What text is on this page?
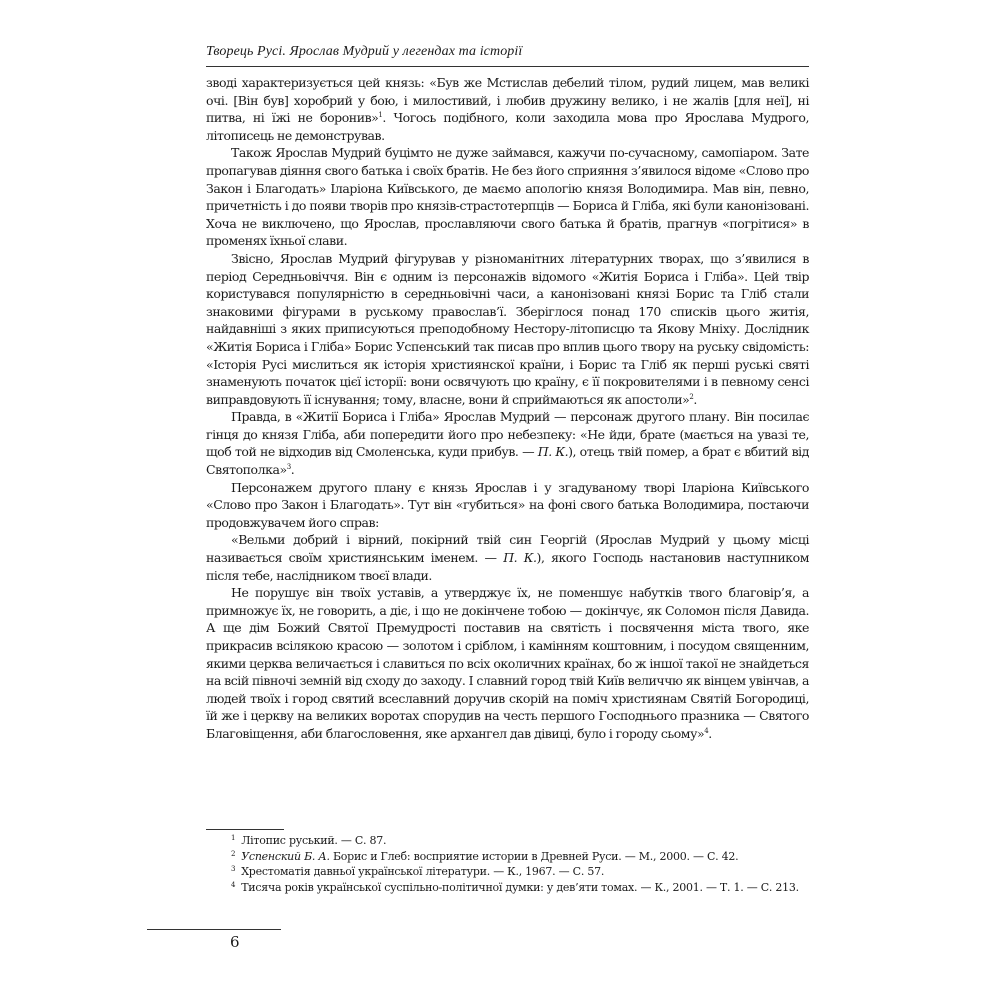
Творець Русі. Ярослав Мудрий у легендах та історії

зводі характеризується цей князь: «Був же Мстислав дебелий тілом, рудий лицем, мав великі очі. [Він був] хоробрий у бою, і милостивий, і любив дружину велико, і не жалів [для неї], ні питва, ні їжі не боронив»$^1$. Чогось подібного, коли заходила мова про Ярослава Мудрого, літописець не демонстрував.

Також Ярослав Мудрий буцімто не дуже займався, кажучи по-сучасному, самопіаром. Зате пропагував діяння свого батька і своїх братів. Не без його сприяння з’явилося відоме «Слово про Закон і Благодать» Іларіона Київського, де маємо апологію князя Володимира. Мав він, певно, причетність і до появи творів про князів-страстотерпців — Бориса й Гліба, які були канонізовані. Хоча не виключено, що Ярослав, прославляючи свого батька й братів, прагнув «погрітися» в променях їхньої слави.

Звісно, Ярослав Мудрий фігурував у різноманітних літературних творах, що з’явилися в період Середньовіччя. Він є одним із персонажів відомого «Житія Бориса і Гліба». Цей твір користувався популярністю в середньовічні часи, а канонізовані князі Борис та Гліб стали знаковими фігурами в руському православ’ї. Зберіглося понад 170 списків цього житія, найдавніші з яких приписуються преподобному Нестору-літописцю та Якову Мніху. Дослідник «Житія Бориса і Гліба» Борис Успенський так писав про вплив цього твору на руську свідомість: «Історія Русі мислиться як історія християнскої країни, і Борис та Гліб як перші руські святі знаменують початок цієї історії: вони освячують цю країну, є її покровителями і в певному сенсі виправдовують її існування; тому, власне, вони й сприймаються як апостоли»$^2$.

Правда, в «Житії Бориса і Гліба» Ярослав Мудрий — персонаж другого плану. Він посилає гінця до князя Гліба, аби попередити його про небезпеку: «Не йди, брате (мається на увазі те, щоб той не відходив від Смоленська, куди прибув. — П. К.), отець твій помер, а брат є вбитий від Святополка»$^3$.

Персонажем другого плану є князь Ярослав і у згадуваному творі Іларіона Київського «Слово про Закон і Благодать». Тут він «губиться» на фоні свого батька Володимира, постаючи продовжувачем його справ:

«Вельми добрий і вірний, покірний твій син Георгій (Ярослав Мудрий у цьому місці називається своїм християнським іменем. — П. К.), якого Господь настановив наступником після тебе, наслідником твоєї влади.

Не порушує він твоїх уставів, а утверджує їх, не поменшує набутків твого благовір’я, а примножує їх, не говорить, а діє, і що не докінчене тобою — докінчує, як Соломон після Давида. А ще дім Божий Святої Премудрості поставив на святість і посвячення міста твого, яке прикрасив всілякою красою — золотом і сріблом, і камінням коштовним, і посудом священним, якими церква величається і славиться по всіх околичних країнах, бо ж іншої такої не знайдеться на всій півночі земній від сходу до заходу. І славний город твій Київ величчю як вінцем увінчав, а людей твоїх і город святий всеславний доручив скорій на поміч християнам Святій Богородиці, їй же і церкву на великих воротах спорудив на честь першого Господнього празника — Святого Благовіщення, аби благословення, яке архангел дав дівиці, було і городу сьому»$^4$.

$^1$ Літопис руський. — С. 87.

$^2$ Успенский Б. А. Борис и Глеб: восприятие истории в Древней Руси. — М., 2000. — С. 42.

$^3$ Хрестоматія давньої української літератури. — К., 1967. — С. 57.

$^4$ Тисяча років української суспільно-політичної думки: у дев’яти томах. — К., 2001. — Т. 1. — С. 213.

6
